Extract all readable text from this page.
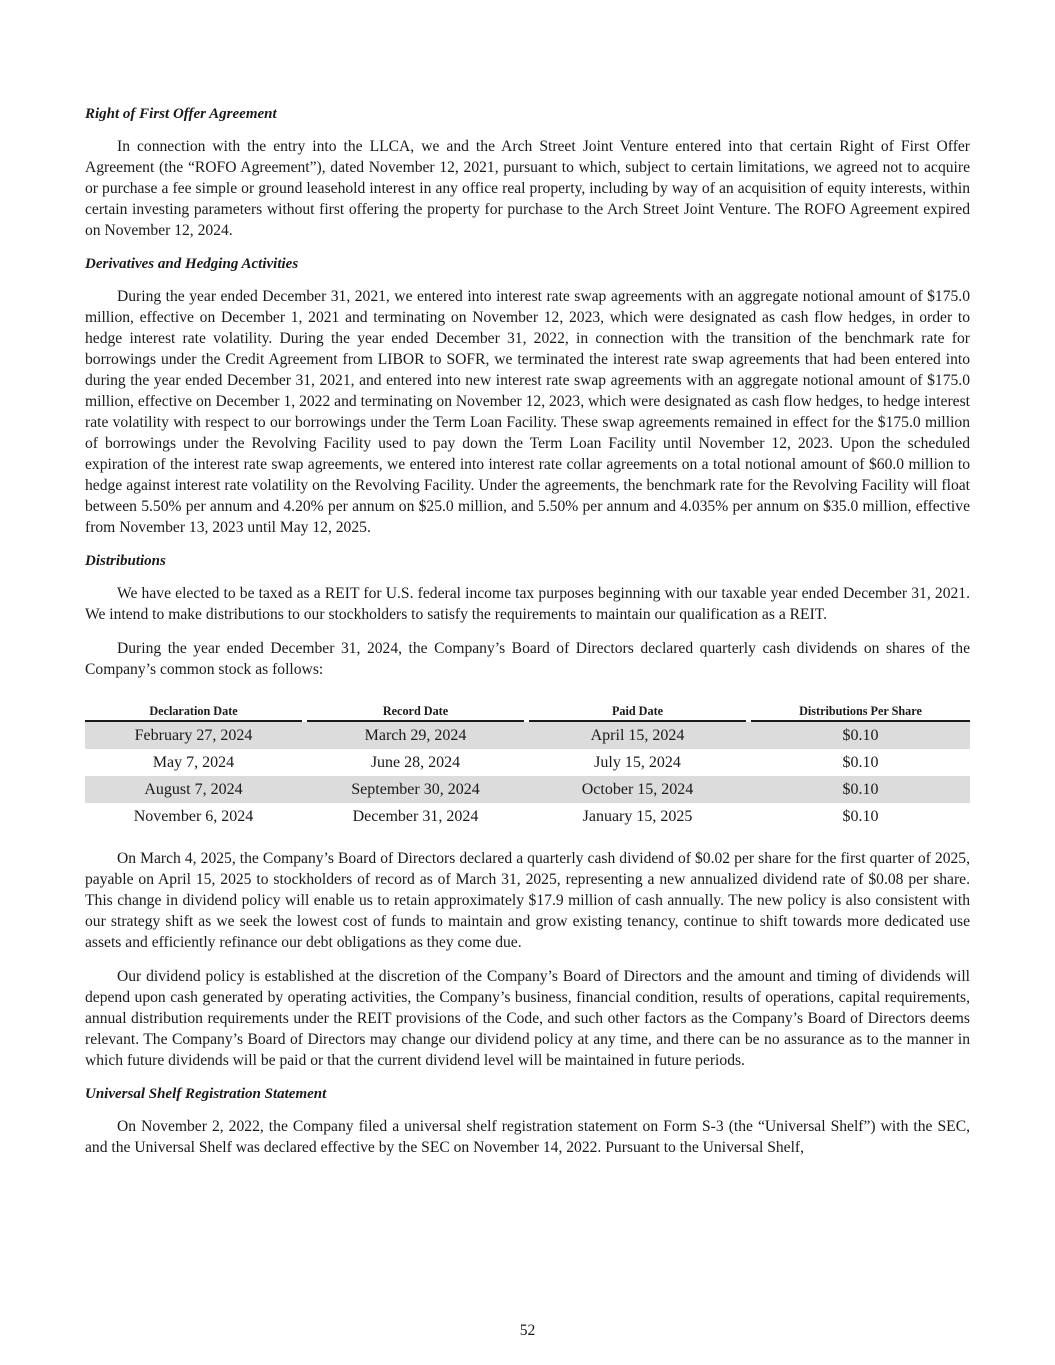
Right of First Offer Agreement

In connection with the entry into the LLCA, we and the Arch Street Joint Venture entered into that certain Right of First Offer Agreement (the “ROFO Agreement”), dated November 12, 2021, pursuant to which, subject to certain limitations, we agreed not to acquire or purchase a fee simple or ground leasehold interest in any office real property, including by way of an acquisition of equity interests, within certain investing parameters without first offering the property for purchase to the Arch Street Joint Venture. The ROFO Agreement expired on November 12, 2024.

Derivatives and Hedging Activities

During the year ended December 31, 2021, we entered into interest rate swap agreements with an aggregate notional amount of $175.0 million, effective on December 1, 2021 and terminating on November 12, 2023, which were designated as cash flow hedges, in order to hedge interest rate volatility. During the year ended December 31, 2022, in connection with the transition of the benchmark rate for borrowings under the Credit Agreement from LIBOR to SOFR, we terminated the interest rate swap agreements that had been entered into during the year ended December 31, 2021, and entered into new interest rate swap agreements with an aggregate notional amount of $175.0 million, effective on December 1, 2022 and terminating on November 12, 2023, which were designated as cash flow hedges, to hedge interest rate volatility with respect to our borrowings under the Term Loan Facility. These swap agreements remained in effect for the $175.0 million of borrowings under the Revolving Facility used to pay down the Term Loan Facility until November 12, 2023. Upon the scheduled expiration of the interest rate swap agreements, we entered into interest rate collar agreements on a total notional amount of $60.0 million to hedge against interest rate volatility on the Revolving Facility. Under the agreements, the benchmark rate for the Revolving Facility will float between 5.50% per annum and 4.20% per annum on $25.0 million, and 5.50% per annum and 4.035% per annum on $35.0 million, effective from November 13, 2023 until May 12, 2025.

Distributions

We have elected to be taxed as a REIT for U.S. federal income tax purposes beginning with our taxable year ended December 31, 2021. We intend to make distributions to our stockholders to satisfy the requirements to maintain our qualification as a REIT.

During the year ended December 31, 2024, the Company’s Board of Directors declared quarterly cash dividends on shares of the Company’s common stock as follows:

Declaration Date		Record Date		Paid Date		Distributions Per Share
February 27, 2024		March 29, 2024		April 15, 2024		$0.10
May 7, 2024		June 28, 2024		July 15, 2024		$0.10
August 7, 2024		September 30, 2024		October 15, 2024		$0.10
November 6, 2024		December 31, 2024		January 15, 2025		$0.10

On March 4, 2025, the Company’s Board of Directors declared a quarterly cash dividend of $0.02 per share for the first quarter of 2025, payable on April 15, 2025 to stockholders of record as of March 31, 2025, representing a new annualized dividend rate of $0.08 per share. This change in dividend policy will enable us to retain approximately $17.9 million of cash annually. The new policy is also consistent with our strategy shift as we seek the lowest cost of funds to maintain and grow existing tenancy, continue to shift towards more dedicated use assets and efficiently refinance our debt obligations as they come due.

Our dividend policy is established at the discretion of the Company’s Board of Directors and the amount and timing of dividends will depend upon cash generated by operating activities, the Company’s business, financial condition, results of operations, capital requirements, annual distribution requirements under the REIT provisions of the Code, and such other factors as the Company’s Board of Directors deems relevant. The Company’s Board of Directors may change our dividend policy at any time, and there can be no assurance as to the manner in which future dividends will be paid or that the current dividend level will be maintained in future periods.

Universal Shelf Registration Statement

On November 2, 2022, the Company filed a universal shelf registration statement on Form S-3 (the “Universal Shelf”) with the SEC, and the Universal Shelf was declared effective by the SEC on November 14, 2022. Pursuant to the Universal Shelf,

52
